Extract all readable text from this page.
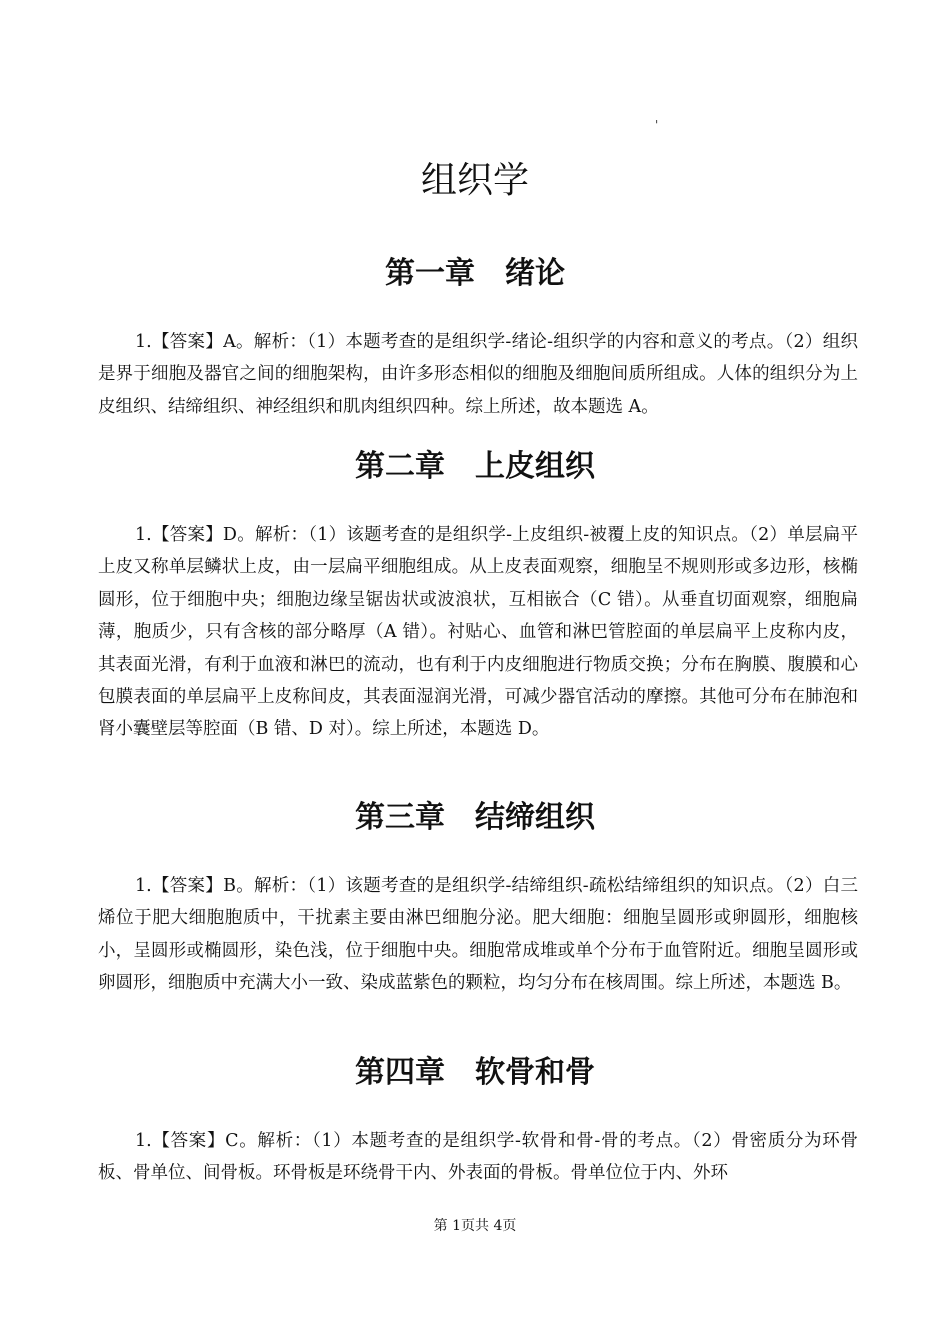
'
组织学
第一章　绪论

1.【答案】A。解析：（1）本题考查的是组织学-绪论-组织学的内容和意义的考点。（2）组织是界于细胞及器官之间的细胞架构，由许多形态相似的细胞及细胞间质所组成。人体的组织分为上皮组织、结缔组织、神经组织和肌肉组织四种。综上所述，故本题选 A。

第二章　上皮组织

1.【答案】D。解析：（1）该题考查的是组织学-上皮组织-被覆上皮的知识点。（2）单层扁平上皮又称单层鳞状上皮，由一层扁平细胞组成。从上皮表面观察，细胞呈不规则形或多边形，核椭圆形，位于细胞中央；细胞边缘呈锯齿状或波浪状，互相嵌合（C 错）。从垂直切面观察，细胞扁薄，胞质少，只有含核的部分略厚（A 错）。衬贴心、血管和淋巴管腔面的单层扁平上皮称内皮，其表面光滑，有利于血液和淋巴的流动，也有利于内皮细胞进行物质交换；分布在胸膜、腹膜和心包膜表面的单层扁平上皮称间皮，其表面湿润光滑，可减少器官活动的摩擦。其他可分布在肺泡和肾小囊壁层等腔面（B 错、D 对）。综上所述，本题选 D。

第三章　结缔组织

1.【答案】B。解析：（1）该题考查的是组织学-结缔组织-疏松结缔组织的知识点。（2）白三烯位于肥大细胞胞质中，干扰素主要由淋巴细胞分泌。肥大细胞：细胞呈圆形或卵圆形，细胞核小，呈圆形或椭圆形，染色浅，位于细胞中央。细胞常成堆或单个分布于血管附近。细胞呈圆形或卵圆形，细胞质中充满大小一致、染成蓝紫色的颗粒，均匀分布在核周围。综上所述，本题选 B。

第四章　软骨和骨

1.【答案】C。解析：（1）本题考查的是组织学-软骨和骨-骨的考点。（2）骨密质分为环骨板、骨单位、间骨板。环骨板是环绕骨干内、外表面的骨板。骨单位位于内、外环

第 1页共 4页
